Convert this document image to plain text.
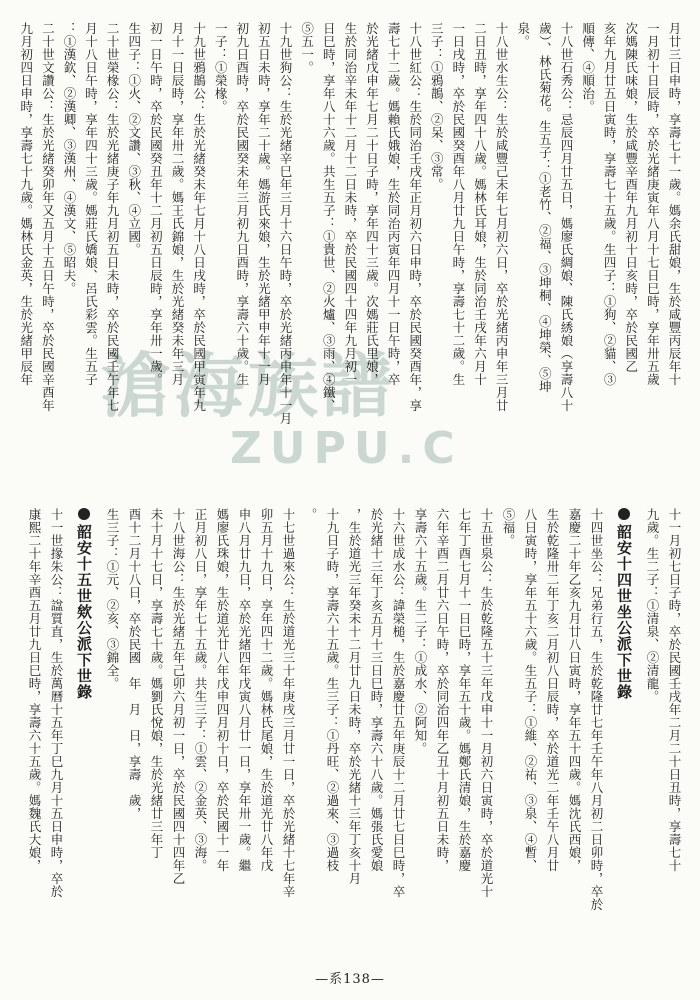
滄海族譜
ZUPU.C
月廿三日申時，享壽七十一歲。媽余氏甜娘，生於咸豐丙辰年十
一月初十日辰時，卒於光緒庚寅年八月十七日巳時，享年卅五歲
次媽陳氏味娘，生於咸豐辛酉年九月初十日亥時，卒於民國乙
亥年九月廿五日寅時，享壽七十五歲。生四子：①狗、②貓、③
順傳、④順治。
十八世石秀公：忌辰四月廿五日，媽廖氏綢娘、陳氏綉娘（享壽八十
歲）、林氏菊花。生五子：①老竹、②福、③坤桐、④坤榮、⑤坤
泉。
十八世水生公：生於咸豐己未年七月初六日，卒於光緒丙申年三月廿
二日丑時，享年四十八歲。媽林氏耳娘，生於同治壬戌年六月十
一日戌時，卒於民國癸酉年八月廿九日午時，享壽七十二歲。生
三子：①鴉鵲、②呆、③常。
十八世紅公：生於同治壬戌年正月初六日申時，卒於民國癸酉年，享
壽七十二歲。媽賴氏娥娘，生於同治丙寅年四月十一日午時，卒
於光緒戊申年七月二十日子時，享年四十三歲。次媽莊氏里娘，
生於同治辛未年十二月十二日未時，卒於民國四十四年九月初一
日巳時，享年八十六歲。共生五子：①貴世、②火爐、③雨、④鐵、
⑤五一。
十九世狗公：生於光緒辛巳年三月十六日午時，卒於光緒丙申年十一月
初五日未時，享年二十歲。媽游氏來娘，生於光緒甲申年十一月
初九日酉時，卒於民國癸未年三月初九日酉時，享壽六十歲。生
一子：①榮椽。
十九世鴉鵲公：生於光緒癸未年七月十八日戌時，卒於民國甲寅年九
月十一日辰時，享年卅二歲。媽王氏錦娘，生於光緒癸未年三月
初一日午時，卒於民國癸丑年十二月初五日辰時，享年卅一歲。
生四子：①火、②文讚、③秋、④立國。
二十世榮椽公：生於光緒庚子年九月初五日未時，卒於民國壬午年七
月十八日午時，享年四十三歲。媽莊氏嬌娘、呂氏彩雲。生五子
：①漢欽、②漢卿、③漢州、④漢文、⑤昭夫。
二十世文讚公：生於光緒癸卯年又五月十五日午時，卒於民國辛酉年
九月初四日申時，享壽七十九歲。媽林氏金英，生於光緒甲辰年
十一月初七日子時，卒於民國壬戌年二月二十日丑時，享壽七十
九歲。生二子：①清泉、②清龍。
韶安十四世坐公派下世錄
十四世坐公：兄弟行五，生於乾隆廿七年壬午年八月初二日卯時，卒於
嘉慶二十年乙亥九月廿八日寅時，享年五十四歲。媽沈氏西娘，
生於乾隆卅二年丁亥二月初八日辰時，卒於道光二年壬午八月廿
八日寅時，享年五十六歲。生五子：①維、②祐、③泉、④暫、
⑤福。
十五世泉公：生於乾隆五十三年戊申十一月初六日寅時，卒於道光十
七年丁酉七月十一日巳時，享年五十歲。媽鄭氏清娘，生於嘉慶
六年辛酉二月廿六日午時，卒於同治四年乙丑十月初五日未時，
享壽六十五歲。生二子：①成水、②阿知。
十六世成水公：諱榮槌，生於嘉慶廿五年庚辰十二月廿七日巳時，卒
於光緒十三年丁亥五月十三日巳時，享壽六十八歲。媽張氏愛娘
，生於道光三年癸未十二月廿九日未時，卒於光緒十三年丁亥十月
十九日子時，享壽六十五歲。生三子：①丹旺、②過來、③過枝
。
十七世過來公：生於道光三十年庚戌三月廿一日，卒於光緒十七年辛
卯五月十九日，享年四十二歲。媽林氏尾娘，生於道光廿八年戊
申八月廿九日，卒於光緒四年戊寅八月廿一日，享年卅一歲。繼
媽廖氏珠娘，生於道光廿八年戊申四月初十日，卒於民國十一年
正月初八日，享年七十五歲。共生三子：①雲、②金英、③海。
十八世海公：生於光緒五年己卯六月初一日，卒於民國四十四年乙
未十月十七日，享壽七十歲。媽劉氏悅娘，生於光緒廿三年丁
酉十二月十八日，卒於民國　年　月　日，享壽　歲，
生三子：①元、②亥、③錦全。
韶安十五世欸公派下世錄
十一世掾朱公：諡質直，生於萬曆十五年丁巳九月十五日申時，卒於
康熙二十年辛酉五月廿九日巳時，享壽六十五歲。媽魏氏大娘，
—系138—
